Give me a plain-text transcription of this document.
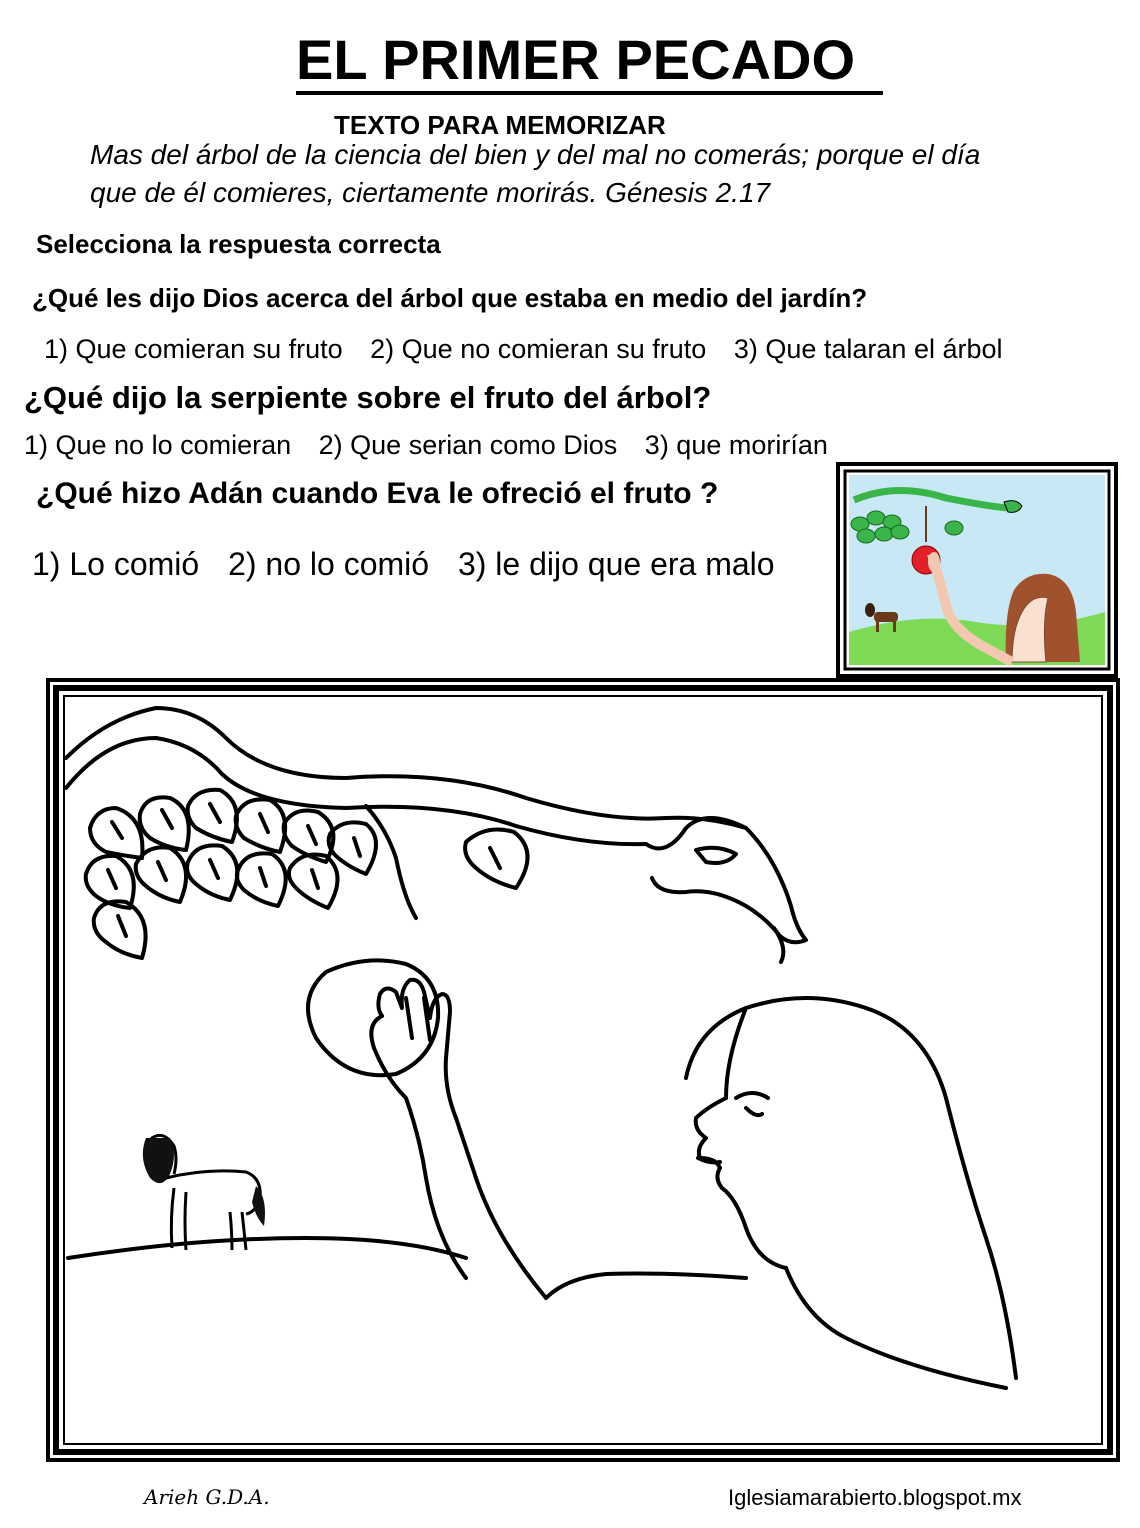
EL PRIMER PECADO
TEXTO PARA MEMORIZAR
Mas del árbol de la ciencia del bien y del mal no comerás; porque el día
que de él comieres, ciertamente morirás. Génesis 2.17
Selecciona la respuesta correcta
¿Qué les dijo Dios acerca del árbol que estaba en medio del jardín?
1) Que comieran su fruto 2) Que no comieran su fruto 3) Que talaran el árbol
¿Qué dijo la serpiente sobre el fruto del árbol?
1) Que no lo comieran 2) Que serian como Dios 3) que morirían
¿Qué hizo Adán cuando Eva le ofreció el fruto ?
1) Lo comió 2) no lo comió 3) le dijo que era malo
Arieh G.D.A.	Iglesiamarabierto.blogspot.mx
